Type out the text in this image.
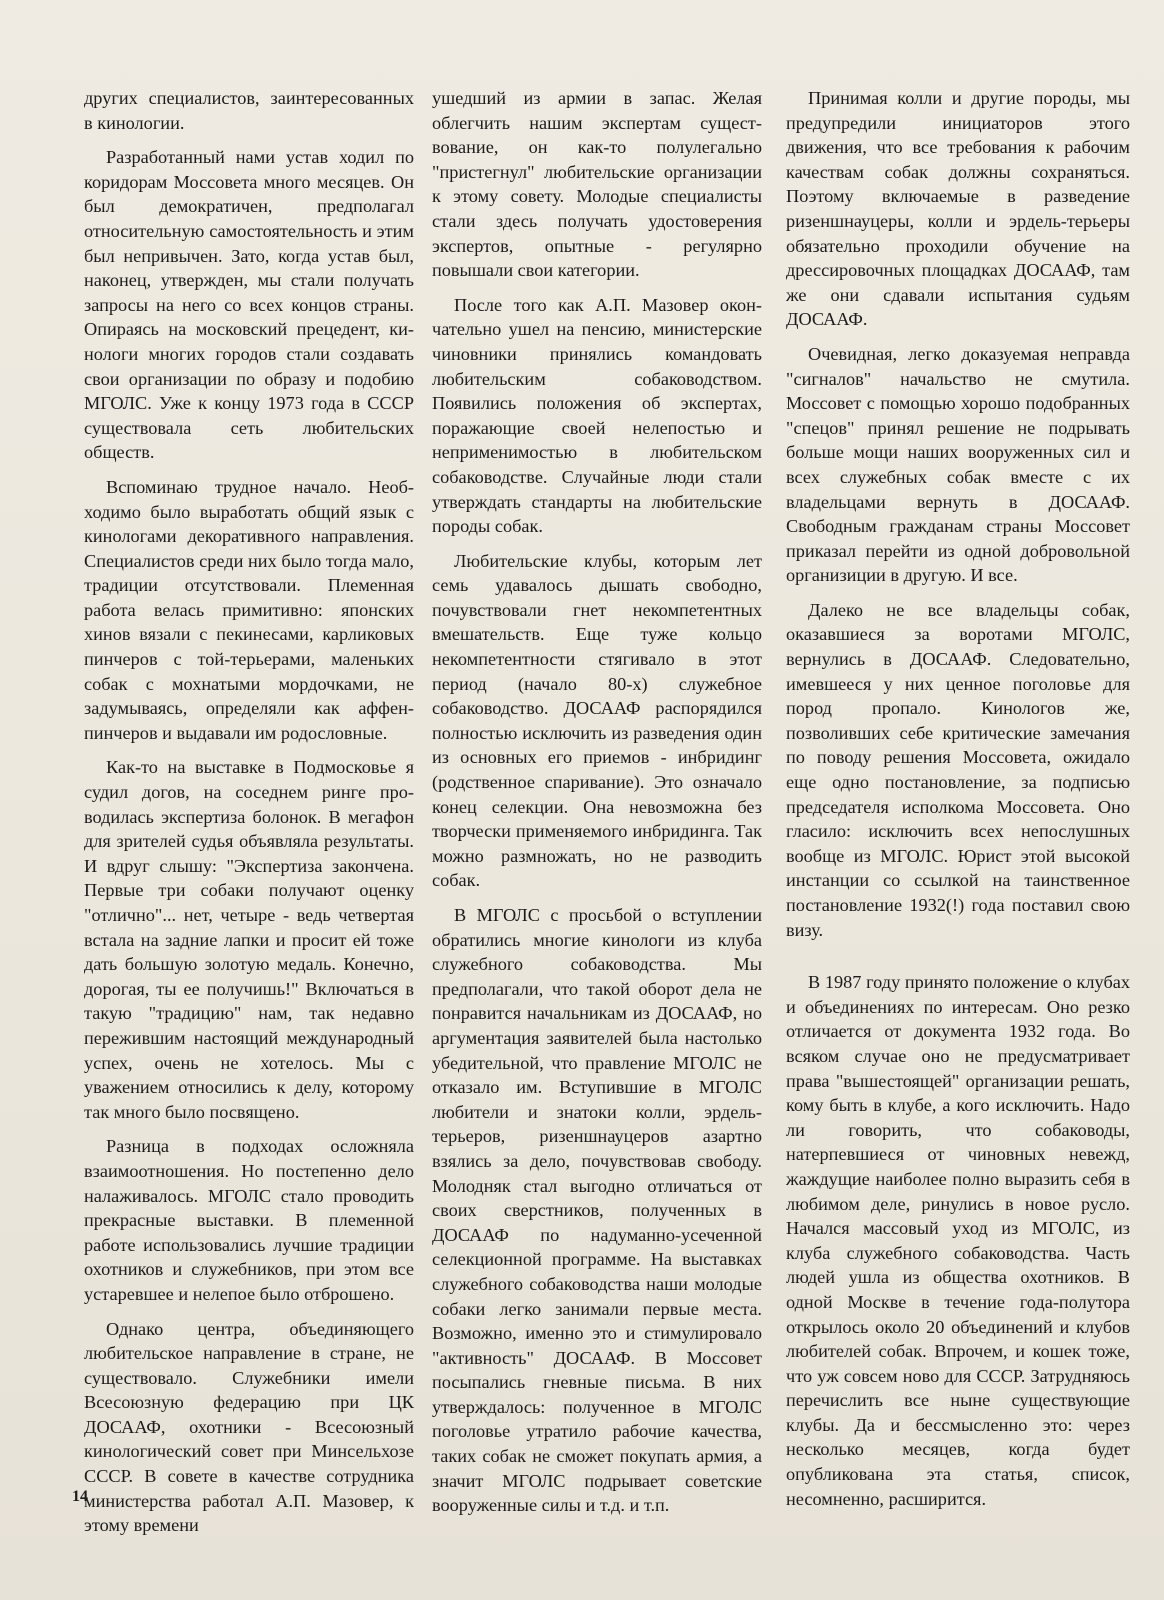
других специалистов, заинтересованных в кинологии.

Разработанный нами устав ходил по коридорам Моссовета много месяцев. Он был демократичен, предполагал относительную самостоятельность и этим был непривычен. Зато, когда устав был, наконец, утвержден, мы стали получать запросы на него со всех концов страны. Опираясь на московский прецедент, кинологи многих городов стали создавать свои организации по образу и подобию МГОЛС. Уже к концу 1973 года в СССР существовала сеть любительских обществ.

Вспоминаю трудное начало. Необходимо было выработать общий язык с кинологами декоративного направления. Специалистов среди них было тогда мало, традиции отсутствовали. Племенная работа велась примитивно: японских хинов вязали с пекинесами, карликовых пинчеров с той-терьерами, маленьких собак с мохнатыми мордочками, не задумываясь, определяли как аффен-пинчеров и выдавали им родословные.

Как-то на выставке в Подмосковье я судил догов, на соседнем ринге проводилась экспертиза болонок. В мегафон для зрителей судья объявляла результаты. И вдруг слышу: "Экспертиза закончена. Первые три собаки получают оценку "отлично"... нет, четыре - ведь четвертая встала на задние лапки и просит ей тоже дать большую золотую медаль. Конечно, дорогая, ты ее получишь!" Включаться в такую "традицию" нам, так недавно пережившим настоящий международный успех, очень не хотелось. Мы с уважением относились к делу, которому так много было посвящено.

Разница в подходах осложняла взаимоотношения. Но постепенно дело налаживалось. МГОЛС стало проводить прекрасные выставки. В племенной работе использовались лучшие традиции охотников и служебников, при этом все устаревшее и нелепое было отброшено.

Однако центра, объединяющего любительское направление в стране, не существовало. Служебники имели Всесоюзную федерацию при ЦК ДОСААФ, охотники - Всесоюзный кинологический совет при Минсельхозе СССР. В совете в качестве сотрудника министерства работал А.П. Мазовер, к этому времени

ушедший из армии в запас. Желая облегчить нашим экспертам существование, он как-то полулегально "пристегнул" любительские организации к этому совету. Молодые специалисты стали здесь получать удостоверения экспертов, опытные - регулярно повышали свои категории.

После того как А.П. Мазовер окончательно ушел на пенсию, министерские чиновники принялись командовать любительским собаководством. Появились положения об экспертах, поражающие своей нелепостью и неприменимостью в любительском собаководстве. Случайные люди стали утверждать стандарты на любительские породы собак.

Любительские клубы, которым лет семь удавалось дышать свободно, почувствовали гнет некомпетентных вмешательств. Еще туже кольцо некомпетентности стягивало в этот период (начало 80-х) служебное собаководство. ДОСААФ распорядился полностью исключить из разведения один из основных его приемов - инбридинг (родственное спаривание). Это означало конец селекции. Она невозможна без творчески применяемого инбридинга. Так можно размножать, но не разводить собак.

В МГОЛС с просьбой о вступлении обратились многие кинологи из клуба служебного собаководства. Мы предполагали, что такой оборот дела не понравится начальникам из ДОСААФ, но аргументация заявителей была настолько убедительной, что правление МГОЛС не отказало им. Вступившие в МГОЛС любители и знатоки колли, эрдель-терьеров, ризеншнауцеров азартно взялись за дело, почувствовав свободу. Молодняк стал выгодно отличаться от своих сверстников, полученных в ДОСААФ по надуманно-усеченной селекционной программе. На выставках служебного собаководства наши молодые собаки легко занимали первые места. Возможно, именно это и стимулировало "активность" ДОСААФ. В Моссовет посыпались гневные письма. В них утверждалось: полученное в МГОЛС поголовье утратило рабочие качества, таких собак не сможет покупать армия, а значит МГОЛС подрывает советские вооруженные силы и т.д. и т.п.

Принимая колли и другие породы, мы предупредили инициаторов этого движения, что все требования к рабочим качествам собак должны сохраняться. Поэтому включаемые в разведение ризеншнауцеры, колли и эрдель-терьеры обязательно проходили обучение на дрессировочных площадках ДОСААФ, там же они сдавали испытания судьям ДОСААФ.

Очевидная, легко доказуемая неправда "сигналов" начальство не смутила. Моссовет с помощью хорошо подобранных "спецов" принял решение не подрывать больше мощи наших вооруженных сил и всех служебных собак вместе с их владельцами вернуть в ДОСААФ. Свободным гражданам страны Моссовет приказал перейти из одной добровольной организиции в другую. И все.

Далеко не все владельцы собак, оказавшиеся за воротами МГОЛС, вернулись в ДОСААФ. Следовательно, имевшееся у них ценное поголовье для пород пропало. Кинологов же, позволивших себе критические замечания по поводу решения Моссовета, ожидало еще одно постановление, за подписью председателя исполкома Моссовета. Оно гласило: исключить всех непослушных вообще из МГОЛС. Юрист этой высокой инстанции со ссылкой на таинственное постановление 1932(!) года поставил свою визу.

В 1987 году принято положение о клубах и объединениях по интересам. Оно резко отличается от документа 1932 года. Во всяком случае оно не предусматривает права "вышестоящей" организации решать, кому быть в клубе, а кого исключить. Надо ли говорить, что собаководы, натерпевшиеся от чиновных невежд, жаждущие наиболее полно выразить себя в любимом деле, ринулись в новое русло. Начался массовый уход из МГОЛС, из клуба служебного собаководства. Часть людей ушла из общества охотников. В одной Москве в течение года-полутора открылось около 20 объединений и клубов любителей собак. Впрочем, и кошек тоже, что уж совсем ново для СССР. Затрудняюсь перечислить все ныне существующие клубы. Да и бессмысленно это: через несколько месяцев, когда будет опубликована эта статья, список, несомненно, расширится.

14
